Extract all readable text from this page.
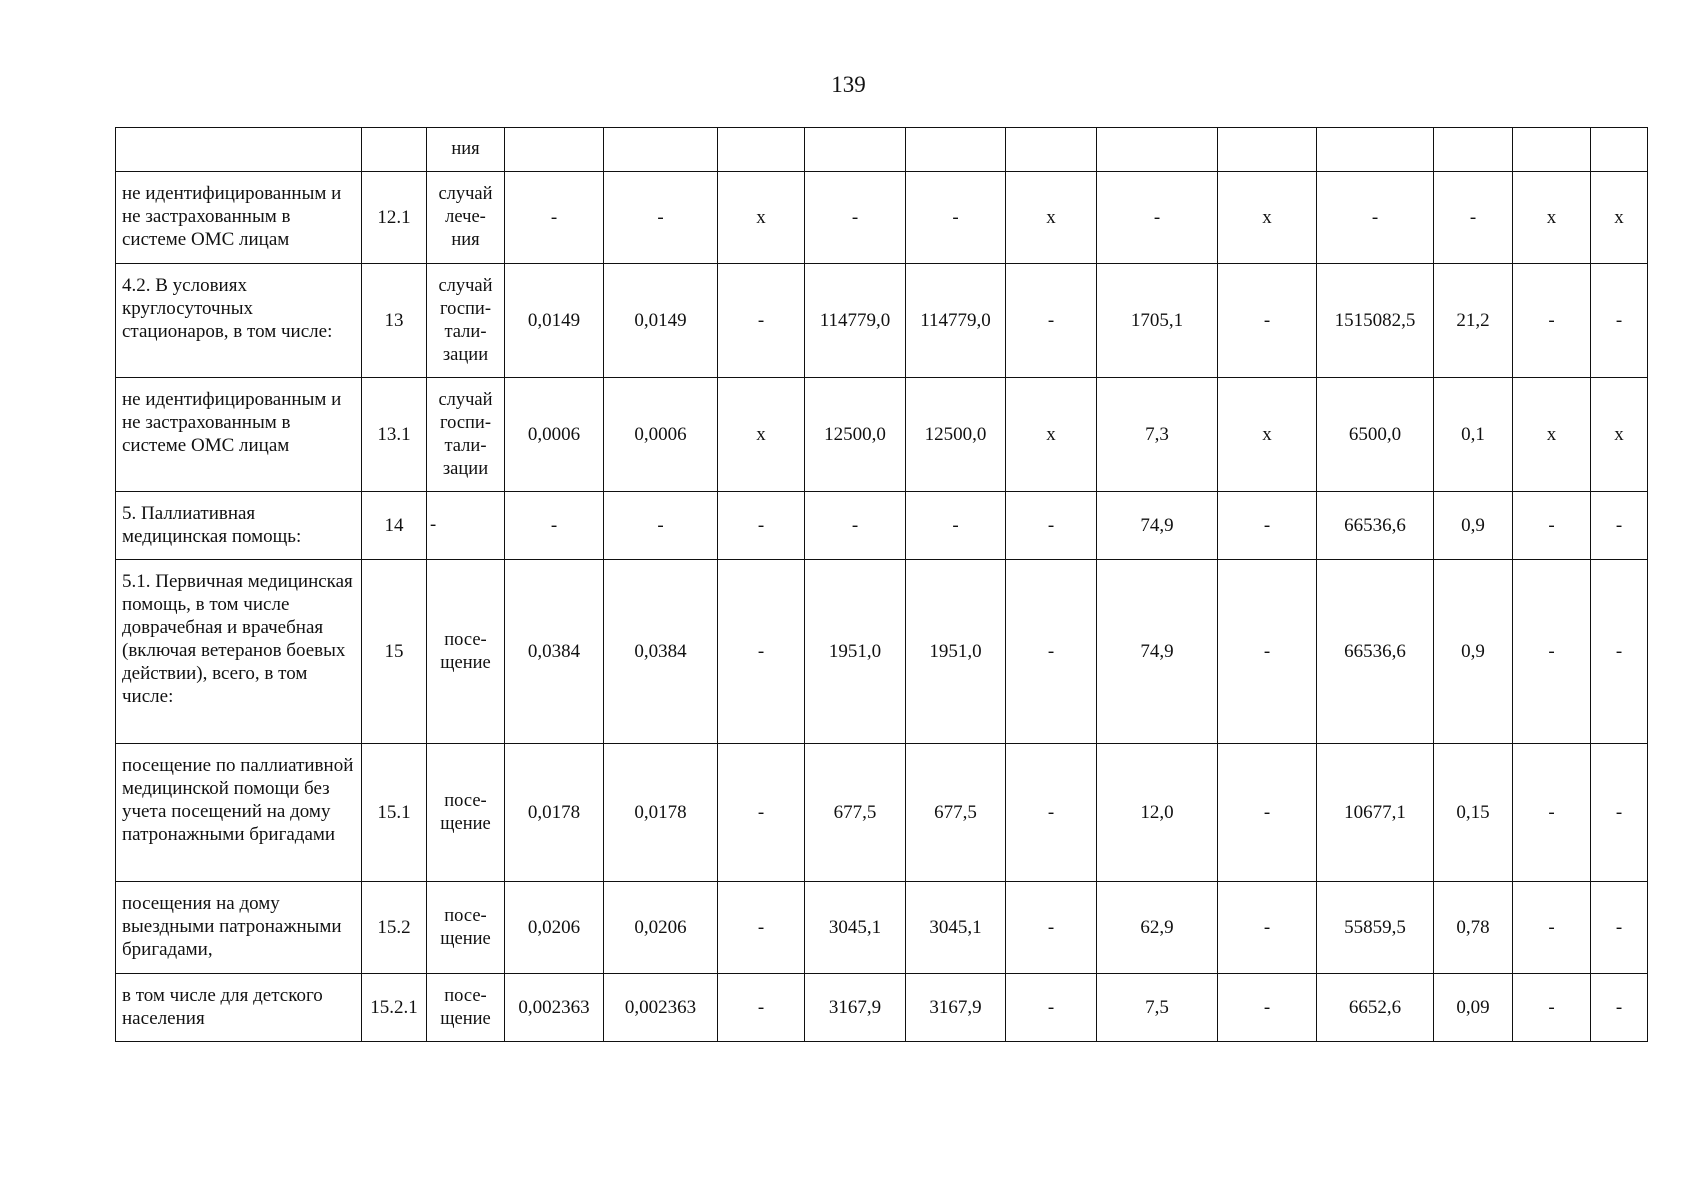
139

		ния												

не идентифицированным и не застрахованным в системе ОМС лицам	12.1	случай
лече-
ния	-	-	х	-	-	х	-	х	-	-	х	х
4.2. В условиях круглосуточных стационаров, в том числе:	13	случай
госпи-
тали-
зации	0,0149	0,0149	-	114779,0	114779,0	-	1705,1	-	1515082,5	21,2	-	-
не идентифицированным и не застрахованным в системе ОМС лицам	13.1	случай
госпи-
тали-
зации	0,0006	0,0006	х	12500,0	12500,0	х	7,3	х	6500,0	0,1	х	х
5. Паллиативная медицинская помощь:	14	-	-	-	-	-	-	-	74,9	-	66536,6	0,9	-	-
5.1. Первичная медицинская помощь, в том числе доврачебная и врачебная (включая ветеранов боевых действии), всего, в том числе:	15	посе-
щение	0,0384	0,0384	-	1951,0	1951,0	-	74,9	-	66536,6	0,9	-	-
посещение по паллиативной медицинской помощи без учета посещений на дому патронажными бригадами	15.1	посе-
щение	0,0178	0,0178	-	677,5	677,5	-	12,0	-	10677,1	0,15	-	-
посещения на дому выездными патронажными бригадами,	15.2	посе-
щение	0,0206	0,0206	-	3045,1	3045,1	-	62,9	-	55859,5	0,78	-	-
в том числе для детского населения	15.2.1	посе-
щение	0,002363	0,002363	-	3167,9	3167,9	-	7,5	-	6652,6	0,09	-	-
